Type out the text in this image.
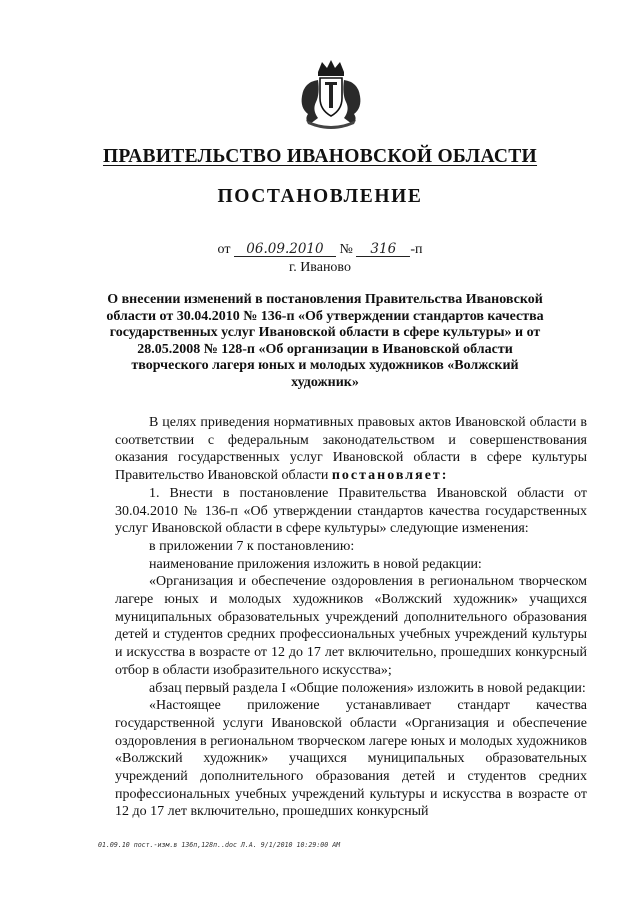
ПРАВИТЕЛЬСТВО ИВАНОВСКОЙ ОБЛАСТИ
ПОСТАНОВЛЕНИЕ
от 06.09.2010 № 316 -п
г. Иваново
О внесении изменений в постановления Правительства Ивановской области от 30.04.2010 № 136-п «Об утверждении стандартов качества государственных услуг Ивановской области в сфере культуры» и от 28.05.2008 № 128-п «Об организации в Ивановской области творческого лагеря юных и молодых художников «Волжский художник»

В целях приведения нормативных правовых актов Ивановской области в соответствии с федеральным законодательством и совершенствования оказания государственных услуг Ивановской области в сфере культуры Правительство Ивановской области постановляет:

1. Внести в постановление Правительства Ивановской области от 30.04.2010 № 136-п «Об утверждении стандартов качества государственных услуг Ивановской области в сфере культуры» следующие изменения:

в приложении 7 к постановлению:

наименование приложения изложить в новой редакции:

«Организация и обеспечение оздоровления в региональном творческом лагере юных и молодых художников «Волжский художник» учащихся муниципальных образовательных учреждений дополнительного образования детей и студентов средних профессиональных учебных учреждений культуры и искусства в возрасте от 12 до 17 лет включительно, прошедших конкурсный отбор в области изобразительного искусства»;

абзац первый раздела I «Общие положения» изложить в новой редакции:

«Настоящее приложение устанавливает стандарт качества государственной услуги Ивановской области «Организация и обеспечение оздоровления в региональном творческом лагере юных и молодых художников «Волжский художник» учащихся муниципальных образовательных учреждений дополнительного образования детей и студентов средних профессиональных учебных учреждений культуры и искусства в возрасте от 12 до 17 лет включительно, прошедших конкурсный

01.09.10 пост.-изм.в 136п,128п..doc Л.А. 9/1/2010 10:29:00 AM
